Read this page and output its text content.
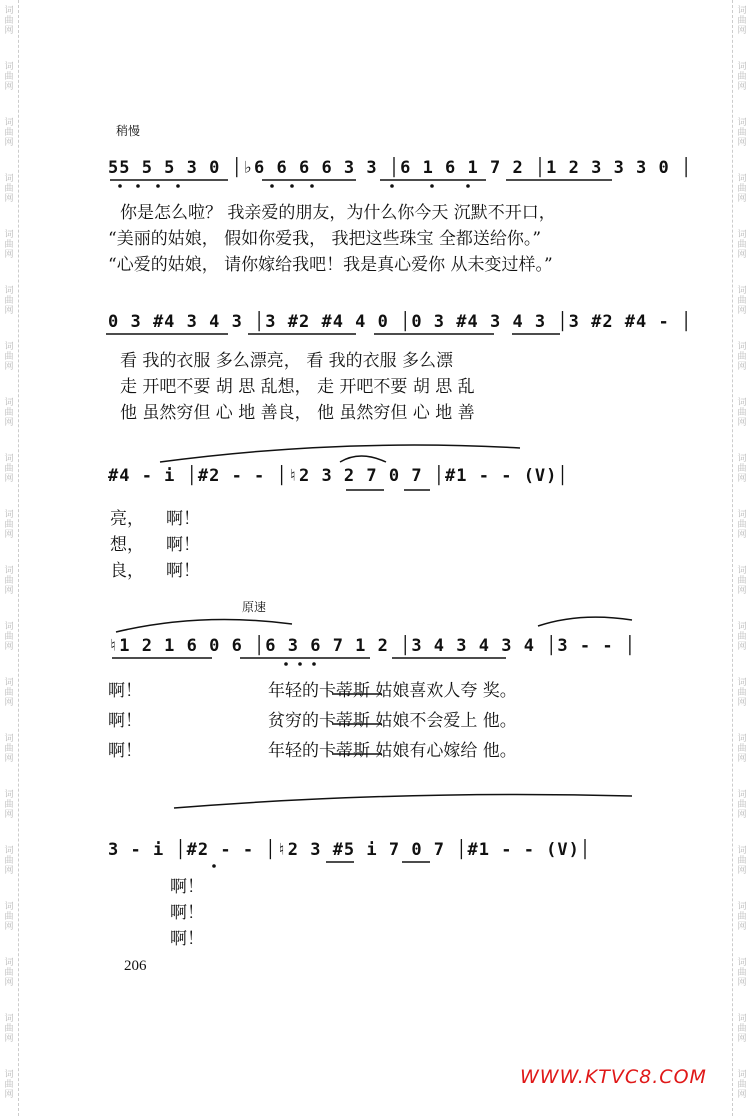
词
曲
网
词
曲
网
词
曲
网
词
曲
网
词
曲
网
词
曲
网
词
曲
网
词
曲
网
词
曲
网
词
曲
网
词
曲
网
词
曲
网
词
曲
网
词
曲
网
词
曲
网
词
曲
网
词
曲
网
词
曲
网
词
曲
网
词
曲
网
词
曲
网
词
曲
网
词
曲
网
词
曲
网
词
曲
网
词
曲
网
词
曲
网
词
曲
网
词
曲
网
词
曲
网
词
曲
网
词
曲
网
词
曲
网
词
曲
网
词
曲
网
词
曲
网
词
曲
网
词
曲
网
词
曲
网
词
曲
网
稍慢
原速
55 5 5 3 0 │♭6 6 6 6 3 3 │6 1 6 1 7 2 │1 2 3 3 3 0 │
0 3 #4 3 4 3 │3 #2 #4 4 0 │0 3 #4 3 4 3 │3 #2 #4 - │
#4 - i │#2 - - │♮2 3 2 7 0 7 │#1 - - (V)│
♮1 2 1 6 0 6 │6 3 6 7 1 2 │3 4 3 4 3 4 │3 - - │
3 - i │#2 - - │♮2 3 #5 i 7 0 7 │#1 - - (V)│
你是怎么啦？ 我亲爱的朋友，为什么你今天 沉默不开口，
“美丽的姑娘， 假如你爱我， 我把这些珠宝 全都送给你。”
“心爱的姑娘， 请你嫁给我吧！我是真心爱你 从未变过样。”
看 我的衣服 多么漂亮， 看 我的衣服 多么漂
走 开吧不要 胡 思 乱想， 走 开吧不要 胡 思 乱
他 虽然穷但 心 地 善良， 他 虽然穷但 心 地 善
亮，
想，
良，
啊！
啊！
啊！
啊！
啊！
啊！
年轻的卡蒂斯 姑娘喜欢人夸 奖。
贫穷的卡蒂斯 姑娘不会爱上 他。
年轻的卡蒂斯 姑娘有心嫁给 他。
啊！
啊！
啊！
206
WWW.KTVC8.COM
